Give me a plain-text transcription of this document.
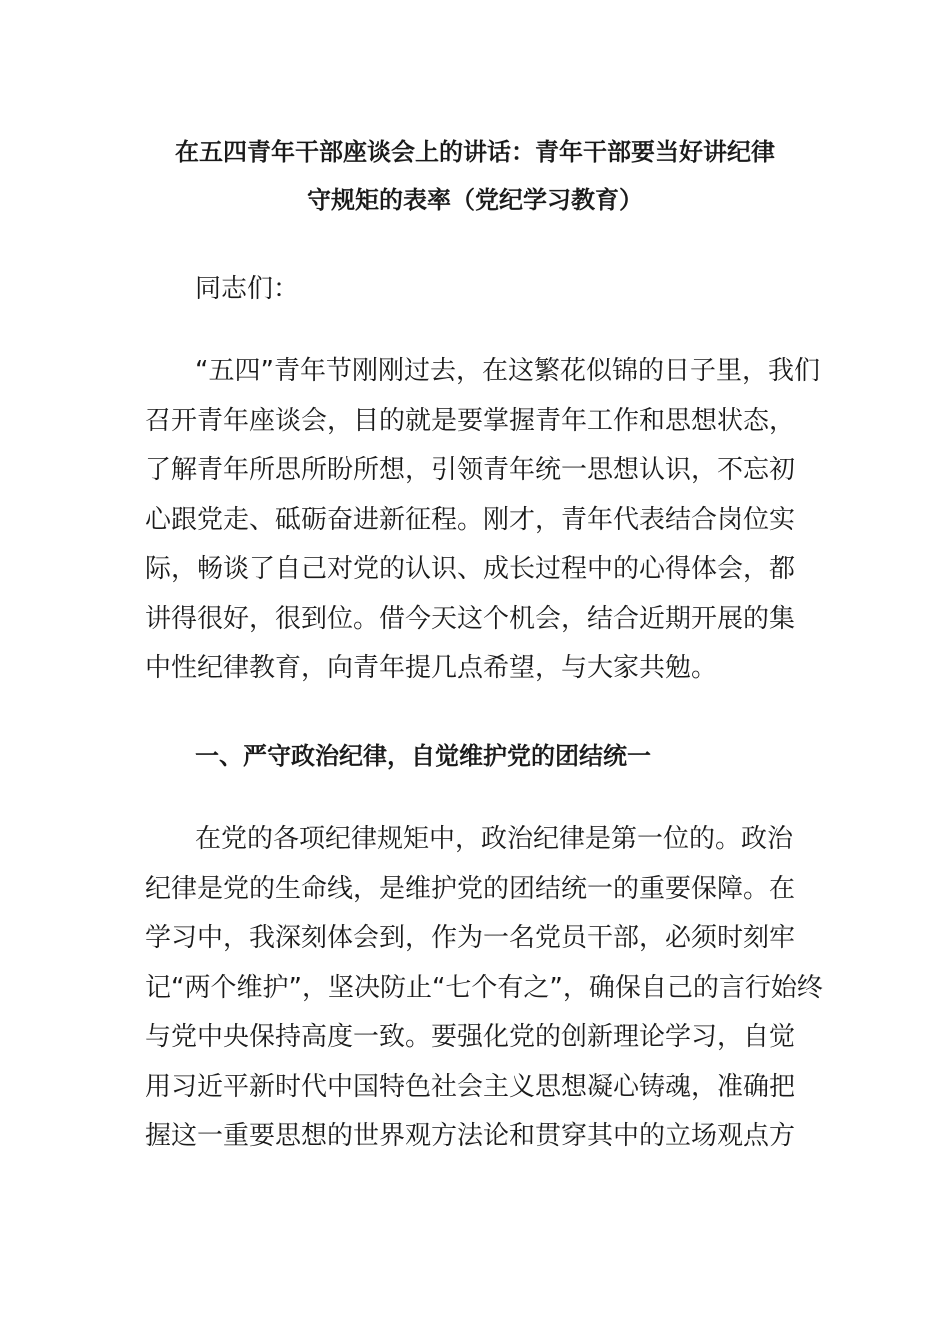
在五四青年干部座谈会上的讲话：青年干部要当好讲纪律
守规矩的表率（党纪学习教育）
同志们：
“五四”青年节刚刚过去，在这繁花似锦的日子里，我们
召开青年座谈会，目的就是要掌握青年工作和思想状态，
了解青年所思所盼所想，引领青年统一思想认识，不忘初
心跟党走、砥砺奋进新征程。刚才，青年代表结合岗位实
际，畅谈了自己对党的认识、成长过程中的心得体会，都
讲得很好，很到位。借今天这个机会，结合近期开展的集
中性纪律教育，向青年提几点希望，与大家共勉。
一、严守政治纪律，自觉维护党的团结统一
在党的各项纪律规矩中，政治纪律是第一位的。政治
纪律是党的生命线，是维护党的团结统一的重要保障。在
学习中，我深刻体会到，作为一名党员干部，必须时刻牢
记“两个维护”，坚决防止“七个有之”，确保自己的言行始终
与党中央保持高度一致。要强化党的创新理论学习，自觉
用习近平新时代中国特色社会主义思想凝心铸魂，准确把
握这一重要思想的世界观方法论和贯穿其中的立场观点方
